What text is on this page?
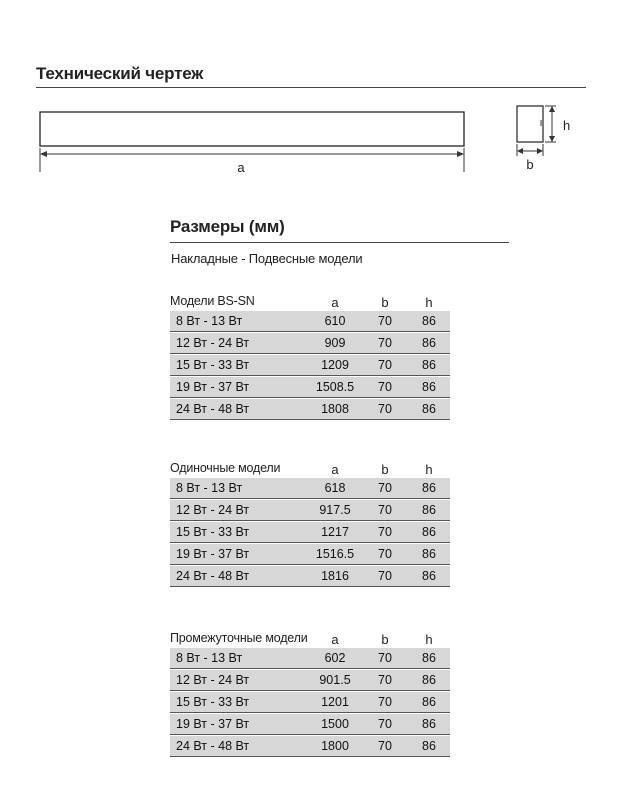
Технический чертеж
a
h
b
Размеры (мм)
Накладные - Подвесные модели
Модели BS-SN	a	b	h
8 Вт - 13 Вт	610	70	86
12 Вт - 24 Вт	909	70	86
15 Вт - 33 Вт	1209	70	86
19 Вт - 37 Вт	1508.5	70	86
24 Вт - 48 Вт	1808	70	86
Одиночные модели	a	b	h
8 Вт - 13 Вт	618	70	86
12 Вт - 24 Вт	917.5	70	86
15 Вт - 33 Вт	1217	70	86
19 Вт - 37 Вт	1516.5	70	86
24 Вт - 48 Вт	1816	70	86
Промежуточные модели	a	b	h
8 Вт - 13 Вт	602	70	86
12 Вт - 24 Вт	901.5	70	86
15 Вт - 33 Вт	1201	70	86
19 Вт - 37 Вт	1500	70	86
24 Вт - 48 Вт	1800	70	86
